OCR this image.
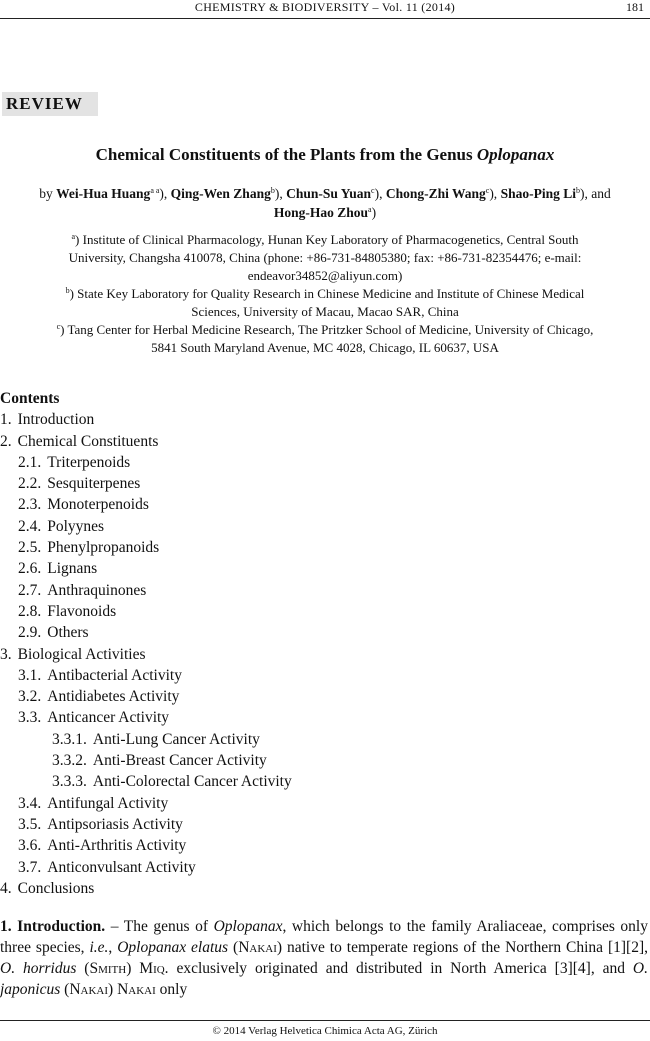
CHEMISTRY & BIODIVERSITY – Vol. 11 (2014)	181
REVIEW
Chemical Constituents of the Plants from the Genus Oplopanax
by Wei-Hua Huang$^{a a}$), Qing-Wen Zhang$^b$), Chun-Su Yuan$^c$), Chong-Zhi Wang$^c$), Shao-Ping Li$^b$), and
Hong-Hao Zhou$^a$)
$^a$) Institute of Clinical Pharmacology, Hunan Key Laboratory of Pharmacogenetics, Central South
University, Changsha 410078, China (phone: +86-731-84805380; fax: +86-731-82354476; e-mail:
endeavor34852@aliyun.com)
$^b$) State Key Laboratory for Quality Research in Chinese Medicine and Institute of Chinese Medical
Sciences, University of Macau, Macao SAR, China
$^c$) Tang Center for Herbal Medicine Research, The Pritzker School of Medicine, University of Chicago,
5841 South Maryland Avenue, MC 4028, Chicago, IL 60637, USA
Contents
1. Introduction
2. Chemical Constituents
2.1. Triterpenoids
2.2. Sesquiterpenes
2.3. Monoterpenoids
2.4. Polyynes
2.5. Phenylpropanoids
2.6. Lignans
2.7. Anthraquinones
2.8. Flavonoids
2.9. Others
3. Biological Activities
3.1. Antibacterial Activity
3.2. Antidiabetes Activity
3.3. Anticancer Activity
3.3.1. Anti-Lung Cancer Activity
3.3.2. Anti-Breast Cancer Activity
3.3.3. Anti-Colorectal Cancer Activity
3.4. Antifungal Activity
3.5. Antipsoriasis Activity
3.6. Anti-Arthritis Activity
3.7. Anticonvulsant Activity
4. Conclusions
1. Introduction. – The genus of Oplopanax, which belongs to the family Araliaceae, comprises only three species, i.e., Oplopanax elatus (Nakai) native to temperate regions of the Northern China [1][2], O. horridus (Smith) Miq. exclusively originated and distributed in North America [3][4], and O. japonicus (Nakai) Nakai only
© 2014 Verlag Helvetica Chimica Acta AG, Zürich
